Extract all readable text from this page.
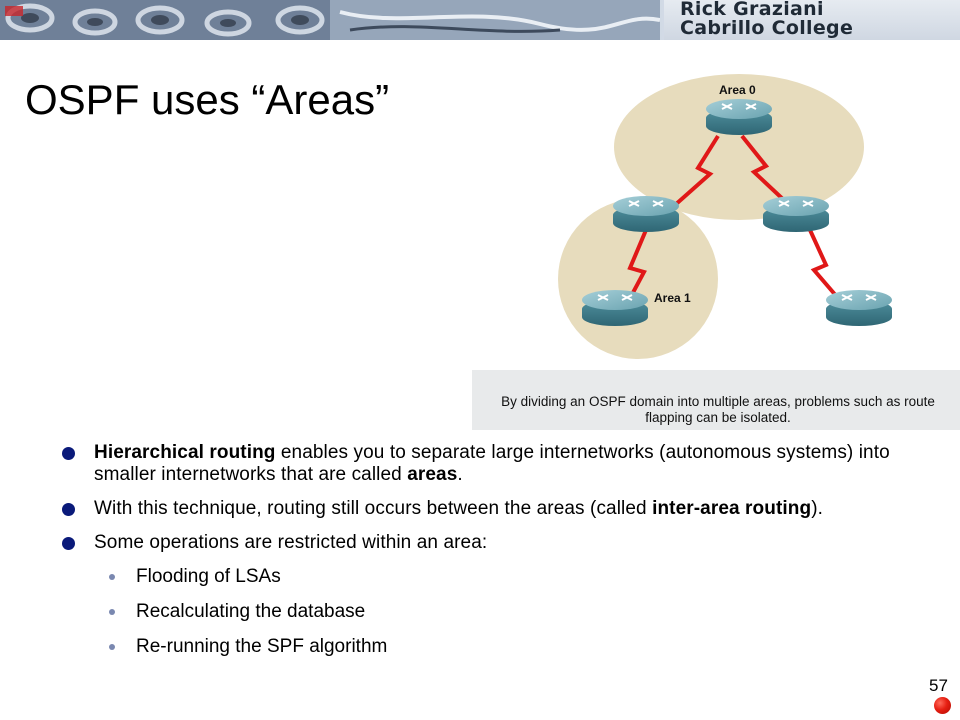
Rick Graziani
Cabrillo College
OSPF uses “Areas”	Area 0
Area 1
By dividing an OSPF domain into multiple areas, problems such as route flapping can be isolated.
Hierarchical routing enables you to separate large internetworks (autonomous systems) into smaller internetworks that are called areas.
With this technique, routing still occurs between the areas (called inter-area routing).
Some operations are restricted within an area:
Flooding of LSAs
Recalculating the database
Re-running the SPF algorithm
57
